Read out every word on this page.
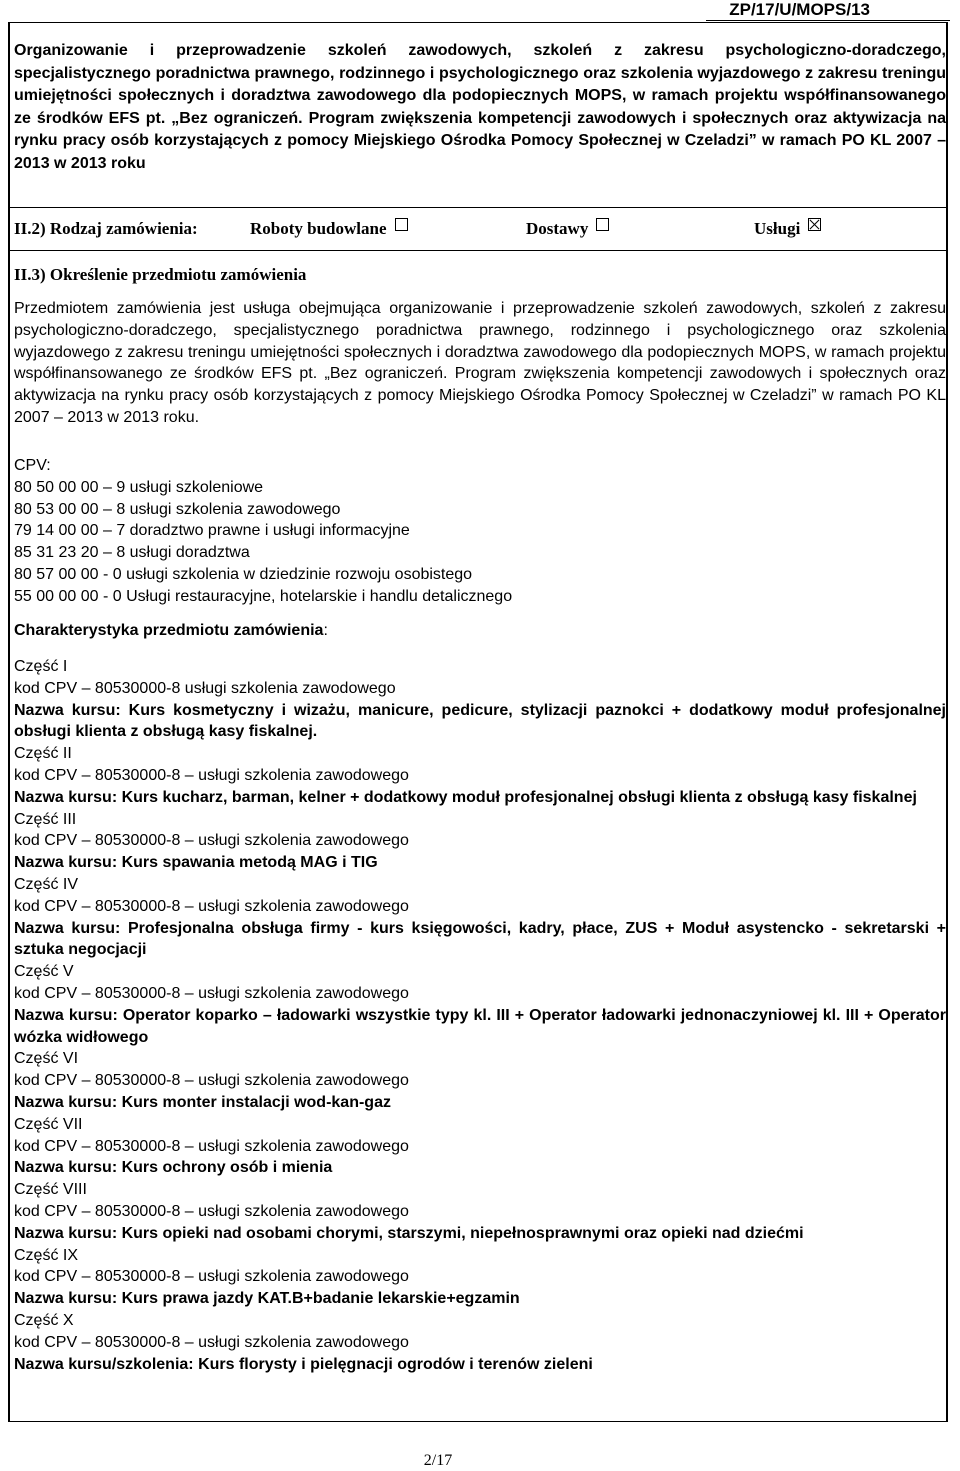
ZP/17/U/MOPS/13
Organizowanie i przeprowadzenie szkoleń zawodowych, szkoleń z zakresu psychologiczno-doradczego, specjalistycznego poradnictwa prawnego, rodzinnego i psychologicznego oraz szkolenia wyjazdowego z zakresu treningu umiejętności społecznych i doradztwa zawodowego dla podopiecznych MOPS, w ramach projektu współfinansowanego ze środków EFS pt. „Bez ograniczeń. Program zwiększenia kompetencji zawodowych i społecznych oraz aktywizacja na rynku pracy osób korzystających z pomocy Miejskiego Ośrodka Pomocy Społecznej w Czeladzi” w ramach PO KL 2007 – 2013 w 2013 roku
II.2) Rodzaj zamówienia:	Roboty budowlane	Dostawy	Usługi
II.3) Określenie przedmiotu zamówienia
Przedmiotem zamówienia jest usługa obejmująca organizowanie i przeprowadzenie szkoleń zawodowych, szkoleń z zakresu psychologiczno-doradczego, specjalistycznego poradnictwa prawnego, rodzinnego i psychologicznego oraz szkolenia wyjazdowego z zakresu treningu umiejętności społecznych i doradztwa zawodowego dla podopiecznych MOPS, w ramach projektu współfinansowanego ze środków EFS pt. „Bez ograniczeń. Program zwiększenia kompetencji zawodowych i społecznych oraz aktywizacja na rynku pracy osób korzystających z pomocy Miejskiego Ośrodka Pomocy Społecznej w Czeladzi” w ramach PO KL 2007 – 2013 w 2013 roku.
CPV:
80 50 00 00 – 9 usługi szkoleniowe
80 53 00 00 – 8 usługi szkolenia zawodowego
79 14 00 00 – 7 doradztwo prawne i usługi informacyjne
85 31 23 20 – 8 usługi doradztwa
80 57 00 00 - 0 usługi szkolenia w dziedzinie rozwoju osobistego
55 00 00 00 - 0 Usługi restauracyjne, hotelarskie i handlu detalicznego
Charakterystyka przedmiotu zamówienia:
Część I
kod CPV – 80530000-8 usługi szkolenia zawodowego
Nazwa kursu: Kurs kosmetyczny i wizażu, manicure, pedicure, stylizacji paznokci + dodatkowy moduł profesjonalnej obsługi klienta z obsługą kasy fiskalnej.
Część II
kod CPV – 80530000-8 – usługi szkolenia zawodowego
Nazwa kursu: Kurs kucharz, barman, kelner + dodatkowy moduł profesjonalnej obsługi klienta z obsługą kasy fiskalnej
Część III
kod CPV – 80530000-8 – usługi szkolenia zawodowego
Nazwa kursu: Kurs spawania metodą MAG i TIG
Część IV
kod CPV – 80530000-8 – usługi szkolenia zawodowego
Nazwa kursu: Profesjonalna obsługa firmy - kurs księgowości, kadry, płace, ZUS + Moduł asystencko - sekretarski + sztuka negocjacji
Część V
kod CPV – 80530000-8 – usługi szkolenia zawodowego
Nazwa kursu: Operator koparko – ładowarki wszystkie typy kl. III + Operator ładowarki jednonaczyniowej kl. III + Operator wózka widłowego
Część VI
kod CPV – 80530000-8 – usługi szkolenia zawodowego
Nazwa kursu: Kurs monter instalacji wod-kan-gaz
Część VII
kod CPV – 80530000-8 – usługi szkolenia zawodowego
Nazwa kursu: Kurs ochrony osób i mienia
Część VIII
kod CPV – 80530000-8 – usługi szkolenia zawodowego
Nazwa kursu: Kurs opieki nad osobami chorymi, starszymi, niepełnosprawnymi oraz opieki nad dziećmi
Część IX
kod CPV – 80530000-8 – usługi szkolenia zawodowego
Nazwa kursu: Kurs prawa jazdy KAT.B+badanie lekarskie+egzamin
Część X
kod CPV – 80530000-8 – usługi szkolenia zawodowego
Nazwa kursu/szkolenia: Kurs florysty i pielęgnacji ogrodów i terenów zieleni
2/17
